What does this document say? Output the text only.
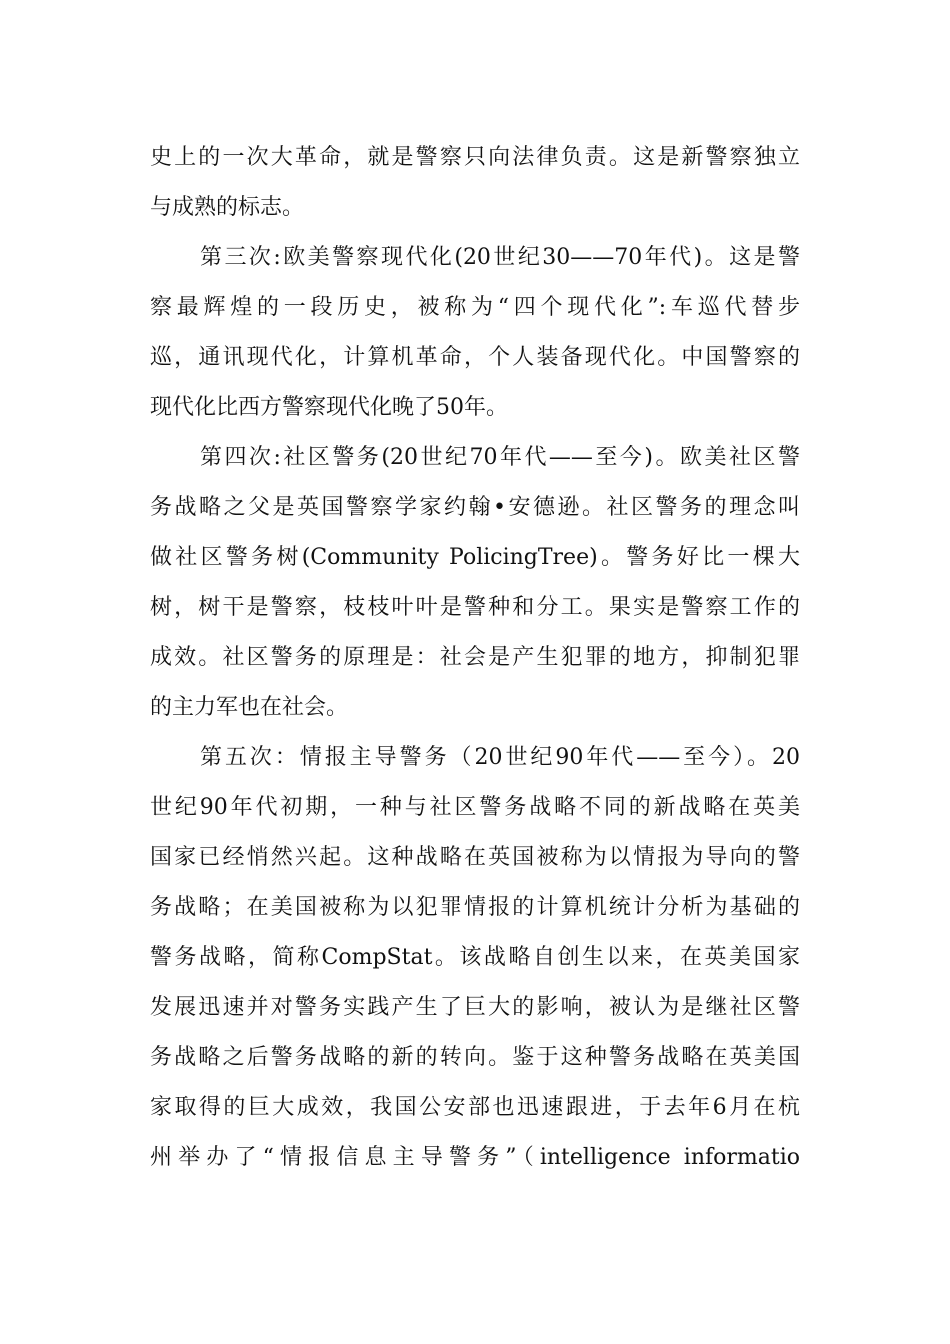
史上的一次大革命，就是警察只向法律负责。这是新警察独立
与成熟的标志。
第三次:欧美警察现代化(20世纪30——70年代)。这是警
察最辉煌的一段历史，被称为“四个现代化”:车巡代替步
巡，通讯现代化，计算机革命，个人装备现代化。中国警察的
现代化比西方警察现代化晚了50年。
第四次:社区警务(20世纪70年代——至今)。欧美社区警
务战略之父是英国警察学家约翰•安德逊。社区警务的理念叫
做社区警务树(Community PolicingTree)。警务好比一棵大
树，树干是警察，枝枝叶叶是警种和分工。果实是警察工作的
成效。社区警务的原理是：社会是产生犯罪的地方，抑制犯罪
的主力军也在社会。
第五次：情报主导警务（20世纪90年代——至今）。20
世纪90年代初期，一种与社区警务战略不同的新战略在英美
国家已经悄然兴起。这种战略在英国被称为以情报为导向的警
务战略；在美国被称为以犯罪情报的计算机统计分析为基础的
警务战略，简称CompStat。该战略自创生以来，在英美国家
发展迅速并对警务实践产生了巨大的影响，被认为是继社区警
务战略之后警务战略的新的转向。鉴于这种警务战略在英美国
家取得的巨大成效，我国公安部也迅速跟进，于去年6月在杭
州举办了“情报信息主导警务”（intelligence informatio
